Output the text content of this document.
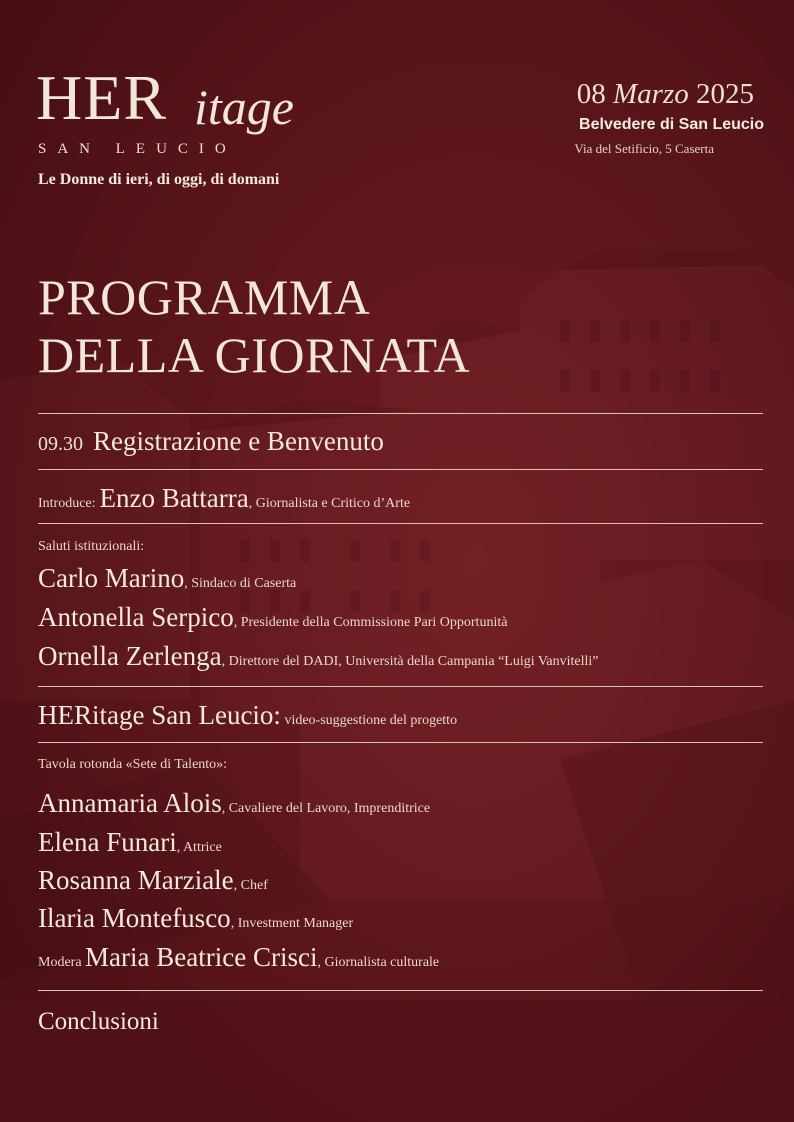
HER itage
SAN LEUCIO
Le Donne di ieri, di oggi, di domani
08 Marzo 2025
Belvedere di San Leucio
Via del Setificio, 5 Caserta
PROGRAMMA
DELLA GIORNATA
09.30 Registrazione e Benvenuto
Introduce: Enzo Battarra, Giornalista e Critico d’Arte
Saluti istituzionali:
Carlo Marino, Sindaco di Caserta
Antonella Serpico, Presidente della Commissione Pari Opportunità
Ornella Zerlenga, Direttore del DADI, Università della Campania “Luigi Vanvitelli”
HERitage San Leucio: video-suggestione del progetto
Tavola rotonda «Sete di Talento»:
Annamaria Alois, Cavaliere del Lavoro, Imprenditrice
Elena Funari, Attrice
Rosanna Marziale, Chef
Ilaria Montefusco, Investment Manager
Modera Maria Beatrice Crisci, Giornalista culturale
Conclusioni
